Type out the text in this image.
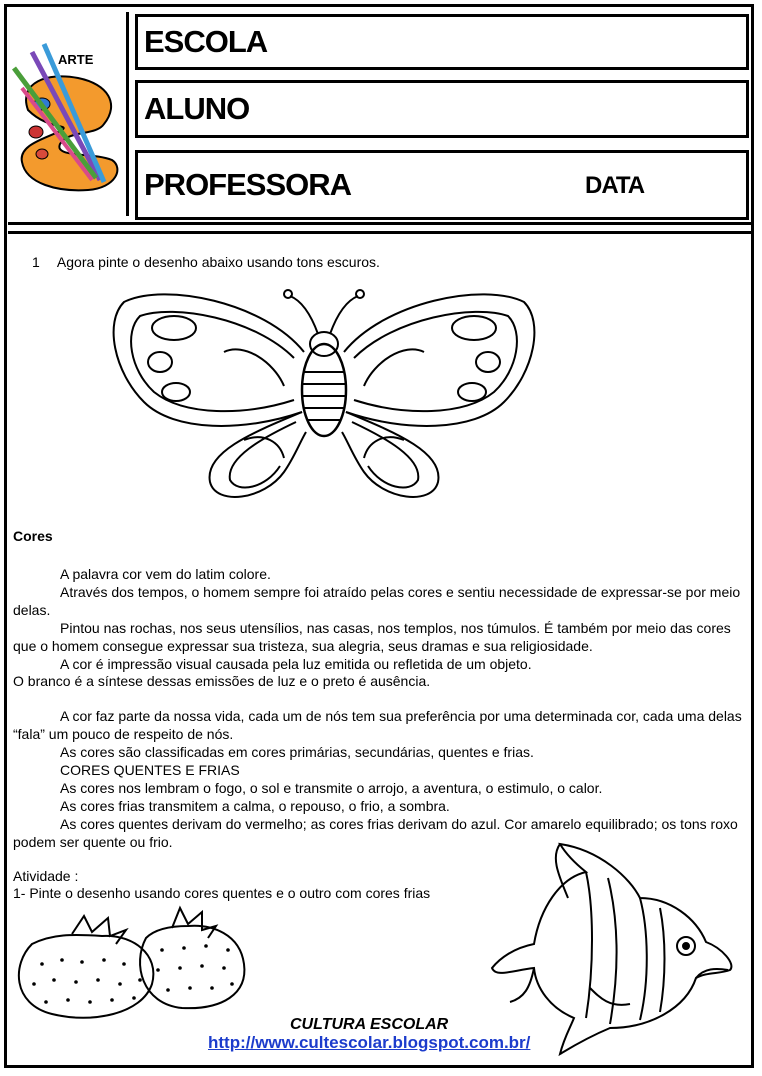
ARTE
ESCOLA
ALUNO
PROFESSORA	DATA
1 Agora pinte o desenho abaixo usando tons escuros.
Cores

A palavra cor vem do latim colore.

Através dos tempos, o homem sempre foi atraído pelas cores e sentiu necessidade de expressar-se por meio delas.

Pintou nas rochas, nos seus utensílios, nas casas, nos templos, nos túmulos. É também por meio das cores que o homem consegue expressar sua tristeza, sua alegria, seus dramas e sua religiosidade.

A cor é impressão visual causada pela luz emitida ou refletida de um objeto.

O branco é a síntese dessas emissões de luz e o preto é ausência.

A cor faz parte da nossa vida, cada um de nós tem sua preferência por uma determinada cor, cada uma delas “fala” um pouco de respeito de nós.

As cores são classificadas em cores primárias, secundárias, quentes e frias.

CORES QUENTES E FRIAS

As cores nos lembram o fogo, o sol e transmite o arrojo, a aventura, o estimulo, o calor.

As cores frias transmitem a calma, o repouso, o frio, a sombra.

As cores quentes derivam do vermelho; as cores frias derivam do azul. Cor amarelo equilibrado; os tons roxo podem ser quente ou frio.

Atividade :
1- Pinte o desenho usando cores quentes e o outro com cores frias
CULTURA ESCOLAR
http://www.cultescolar.blogspot.com.br/
